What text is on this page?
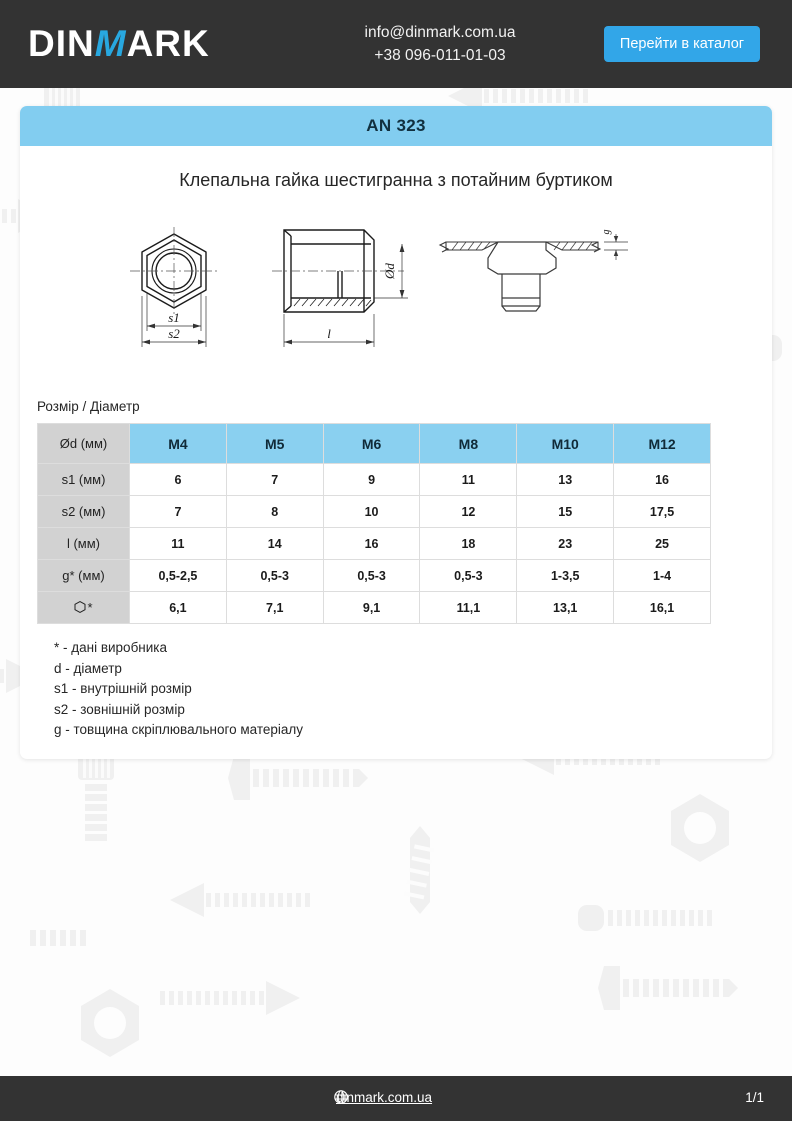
DINMARK	info@dinmark.com.ua
+38 096-011-01-03
Перейти в каталог
AN 323
Клепальна гайка шестигранна з потайним буртиком
s1
s2
Ød
l
g
Розмір / Діаметр
Ød (мм)	M4	M5	M6	M8	M10	M12
s1 (мм)	6	7	9	11	13	16
s2 (мм)	7	8	10	12	15	17,5
l (мм)	11	14	16	18	23	25
g* (мм)	0,5-2,5	0,5-3	0,5-3	0,5-3	1-3,5	1-4
*	6,1	7,1	9,1	11,1	13,1	16,1
* - дані виробника
d - діаметр
s1 - внутрішній розмір
s2 - зовнішній розмір
g - товщина скріплювального матеріалу
dinmark.com.ua	1/1
